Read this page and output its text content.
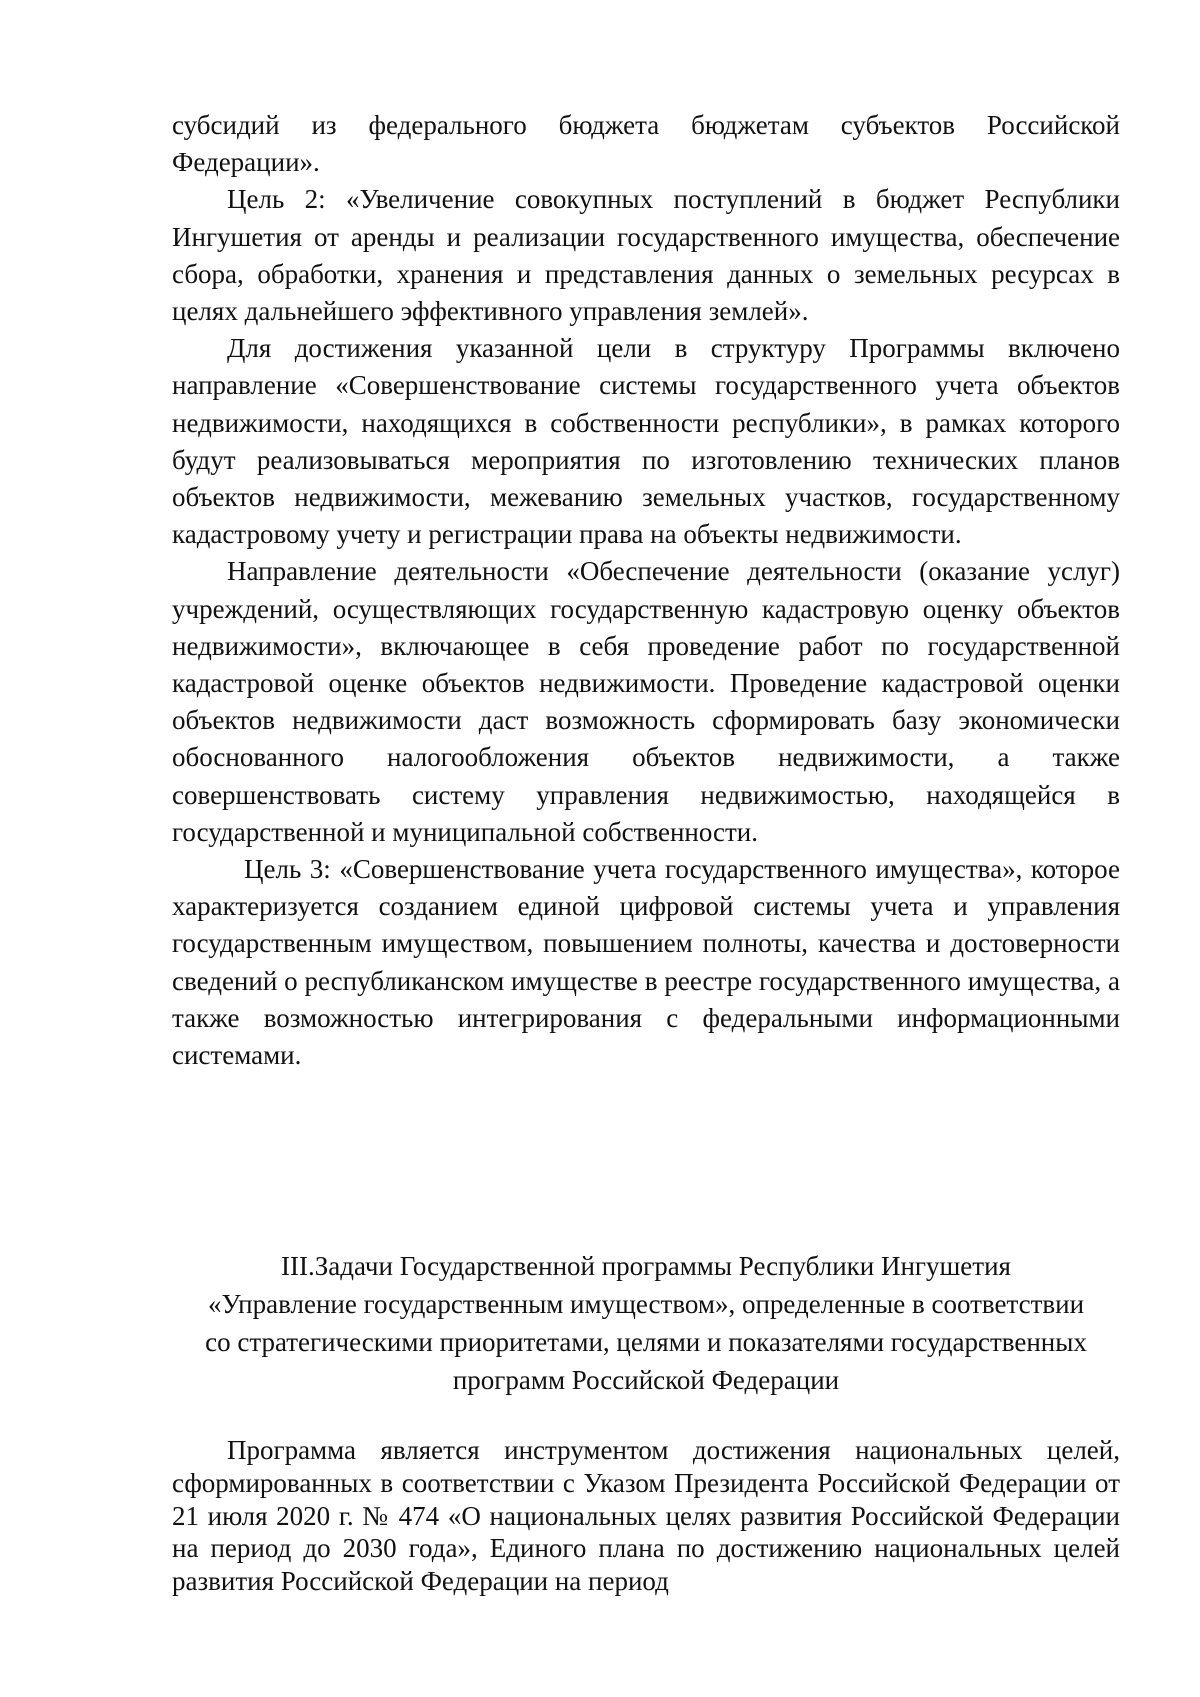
субсидий из федерального бюджета бюджетам субъектов Российской Федерации».

Цель 2: «Увеличение совокупных поступлений в бюджет Республики Ингушетия от аренды и реализации государственного имущества, обеспечение сбора, обработки, хранения и представления данных о земельных ресурсах в целях дальнейшего эффективного управления землей».

Для достижения указанной цели в структуру Программы включено направление «Совершенствование системы государственного учета объектов недвижимости, находящихся в собственности республики», в рамках которого будут реализовываться мероприятия по изготовлению технических планов объектов недвижимости, межеванию земельных участков, государственному кадастровому учету и регистрации права на объекты недвижимости.

Направление деятельности «Обеспечение деятельности (оказание услуг) учреждений, осуществляющих государственную кадастровую оценку объектов недвижимости», включающее в себя проведение работ по государственной кадастровой оценке объектов недвижимости. Проведение кадастровой оценки объектов недвижимости даст возможность сформировать базу экономически обоснованного налогообложения объектов недвижимости, а также совершенствовать систему управления недвижимостью, находящейся в государственной и муниципальной собственности.

Цель 3: «Совершенствование учета государственного имущества», которое характеризуется созданием единой цифровой системы учета и управления государственным имуществом, повышением полноты, качества и достоверности сведений о республиканском имуществе в реестре государственного имущества, а также возможностью интегрирования с федеральными информационными системами.

III.Задачи Государственной программы Республики Ингушетия
«Управление государственным имуществом», определенные в соответствии
со стратегическими приоритетами, целями и показателями государственных
программ Российской Федерации

Программа является инструментом достижения национальных целей, сформированных в соответствии с Указом Президента Российской Федерации от 21 июля 2020 г. № 474 «О национальных целях развития Российской Федерации на период до 2030 года», Единого плана по достижению национальных целей развития Российской Федерации на период
